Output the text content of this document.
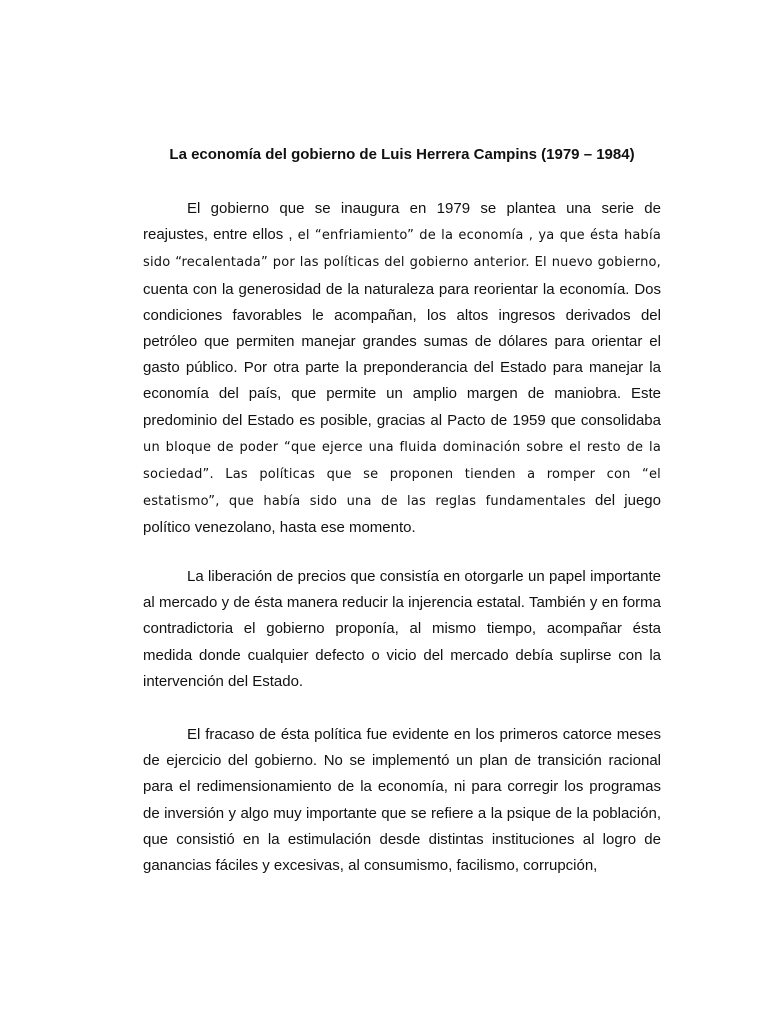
La economía del gobierno de Luis Herrera Campins (1979 – 1984)

El gobierno que se inaugura en 1979 se plantea una serie de reajustes, entre ellos , el “enfriamiento” de la economía , ya que ésta había sido “recalentada” por las políticas del gobierno anterior. El nuevo gobierno, cuenta con la generosidad de la naturaleza para reorientar la economía. Dos condiciones favorables le acompañan, los altos ingresos derivados del petróleo que permiten manejar grandes sumas de dólares para orientar el gasto público. Por otra parte la preponderancia del Estado para manejar la economía del país, que permite un amplio margen de maniobra. Este predominio del Estado es posible, gracias al Pacto de 1959 que consolidaba un bloque de poder “que ejerce una fluida dominación sobre el resto de la sociedad”. Las políticas que se proponen tienden a romper con “el estatismo”, que había sido una de las reglas fundamentales del juego político venezolano, hasta ese momento.

La liberación de precios que consistía en otorgarle un papel importante al mercado y de ésta manera reducir la injerencia estatal. También y en forma contradictoria el gobierno proponía, al mismo tiempo, acompañar ésta medida donde cualquier defecto o vicio del mercado debía suplirse con la intervención del Estado.

El fracaso de ésta política fue evidente en los primeros catorce meses de ejercicio del gobierno. No se implementó un plan de transición racional para el redimensionamiento de la economía, ni para corregir los programas de inversión y algo muy importante que se refiere a la psique de la población, que consistió en la estimulación desde distintas instituciones al logro de ganancias fáciles y excesivas, al consumismo, facilismo, corrupción,
